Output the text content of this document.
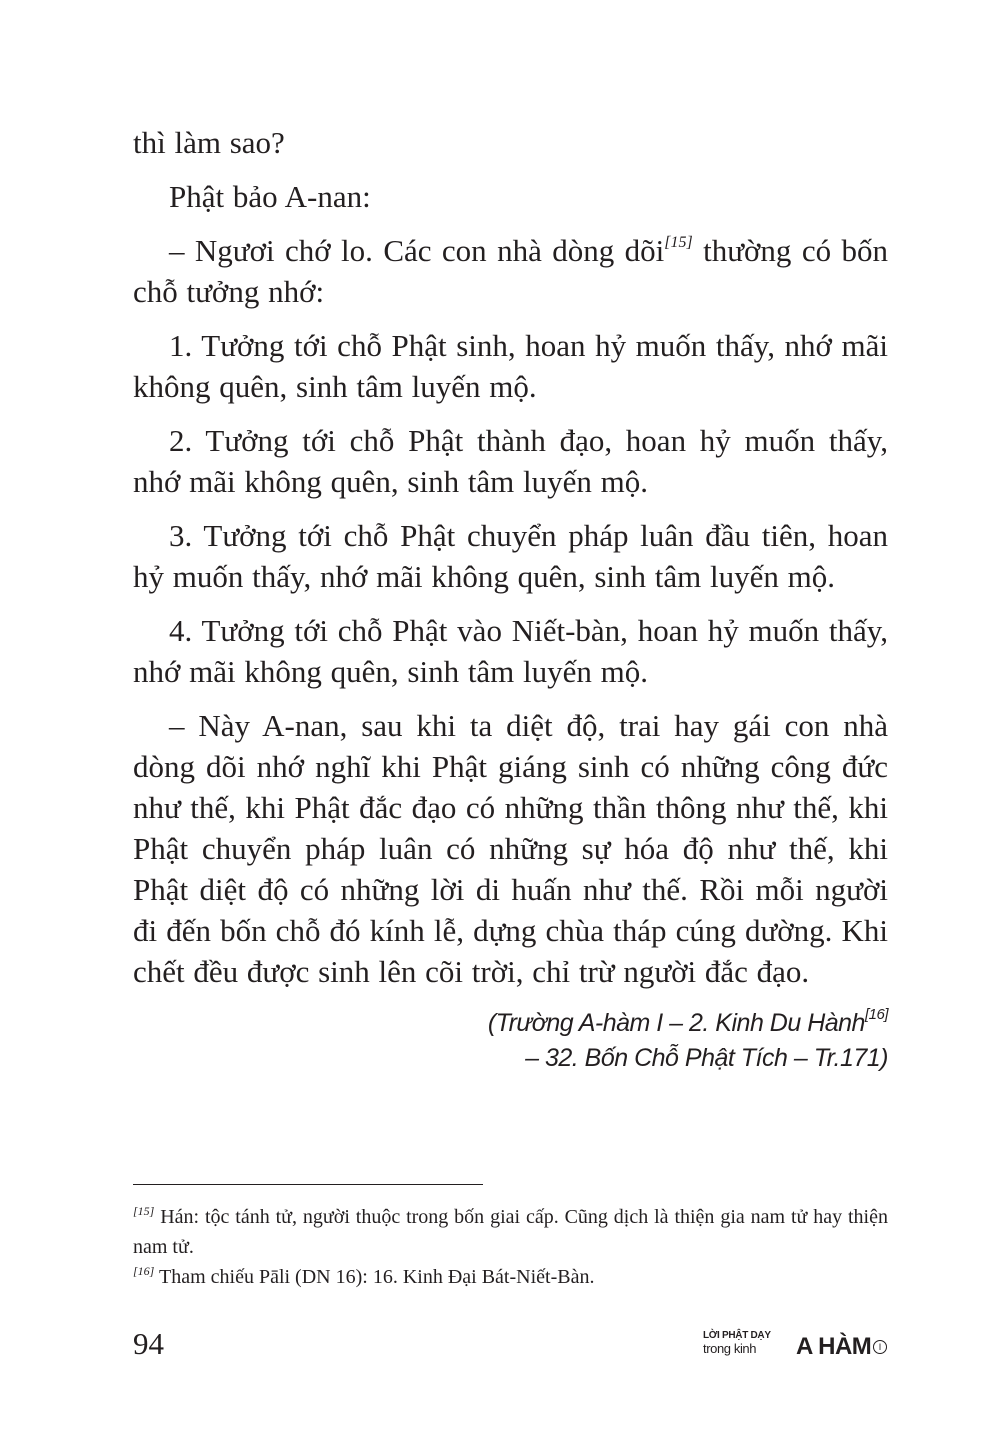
thì làm sao?

Phật bảo A-nan:

– Ngươi chớ lo. Các con nhà dòng dõi[15] thường có bốn chỗ tưởng nhớ:

1. Tưởng tới chỗ Phật sinh, hoan hỷ muốn thấy, nhớ mãi không quên, sinh tâm luyến mộ.

2. Tưởng tới chỗ Phật thành đạo, hoan hỷ muốn thấy, nhớ mãi không quên, sinh tâm luyến mộ.

3. Tưởng tới chỗ Phật chuyển pháp luân đầu tiên, hoan hỷ muốn thấy, nhớ mãi không quên, sinh tâm luyến mộ.

4. Tưởng tới chỗ Phật vào Niết-bàn, hoan hỷ muốn thấy, nhớ mãi không quên, sinh tâm luyến mộ.

– Này A-nan, sau khi ta diệt độ, trai hay gái con nhà dòng dõi nhớ nghĩ khi Phật giáng sinh có những công đức như thế, khi Phật đắc đạo có những thần thông như thế, khi Phật chuyển pháp luân có những sự hóa độ như thế, khi Phật diệt độ có những lời di huấn như thế. Rồi mỗi người đi đến bốn chỗ đó kính lễ, dựng chùa tháp cúng dường. Khi chết đều được sinh lên cõi trời, chỉ trừ người đắc đạo.

(Trường A-hàm I – 2. Kinh Du Hành[16]
– 32. Bốn Chỗ Phật Tích – Tr.171)

[15] Hán: tộc tánh tử, người thuộc trong bốn giai cấp. Cũng dịch là thiện gia nam tử hay thiện nam tử.

[16] Tham chiếu Pāli (DN 16): 16. Kinh Đại Bát-Niết-Bàn.

94	LỜI PHẬT DẠY
trong kinh A HÀM I
